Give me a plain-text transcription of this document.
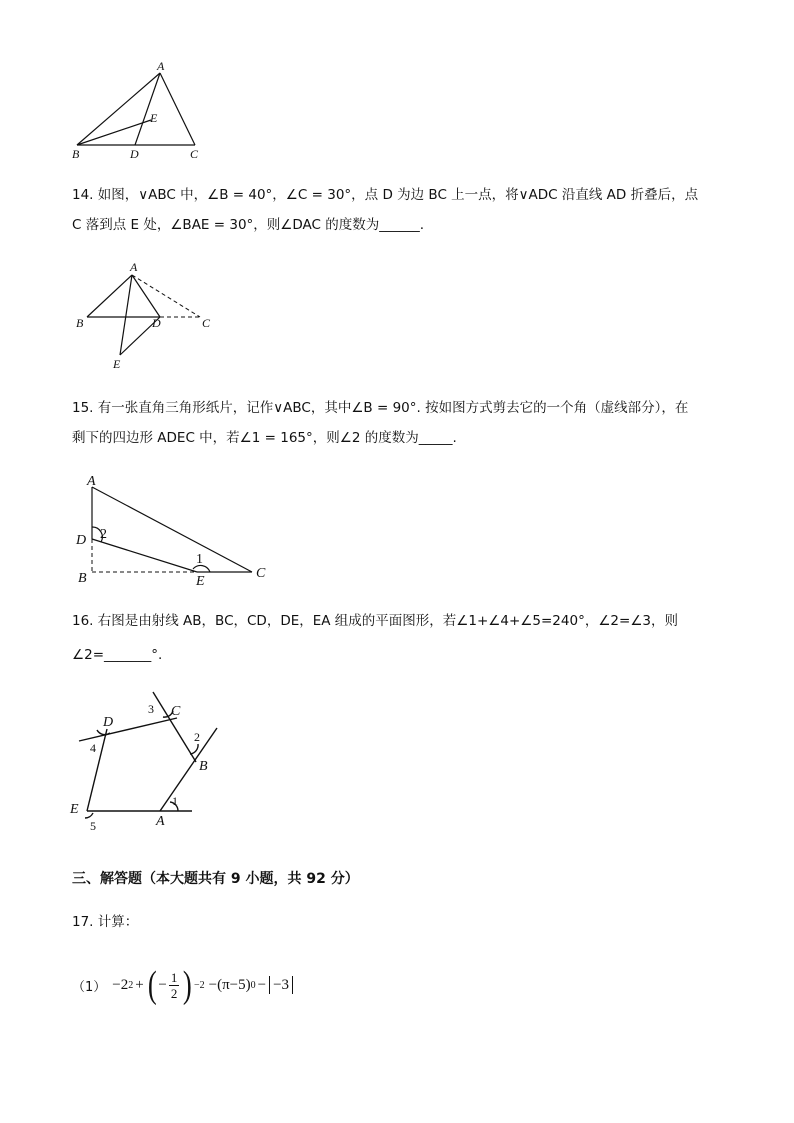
A
B	D	C
E
14. 如图，∨ABC 中，∠B = 40°，∠C = 30°，点 D 为边 BC 上一点，将∨ADC 沿直线 AD 折叠后，点
C 落到点 E 处，∠BAE = 30°，则∠DAC 的度数为______.
A
B	D	C
E
15. 有一张直角三角形纸片，记作∨ABC，其中∠B = 90°. 按如图方式剪去它的一个角（虚线部分），在
剩下的四边形 ADEC 中，若∠1 = 165°，则∠2 的度数为_____.
A
D
B	E
C
2
1
16. 右图是由射线 AB，BC，CD，DE，EA 组成的平面图形，若∠1+∠4+∠5=240°，∠2=∠3，则
∠2=_______°.
A
B
C
D
E
1
2
3
4
5
三、解答题（本大题共有 9 小题，共 92 分）
17. 计算：
（1） −2 2 + ( − $\frac{1}{2}$ ) −2 −(π−5) 0 − −3
